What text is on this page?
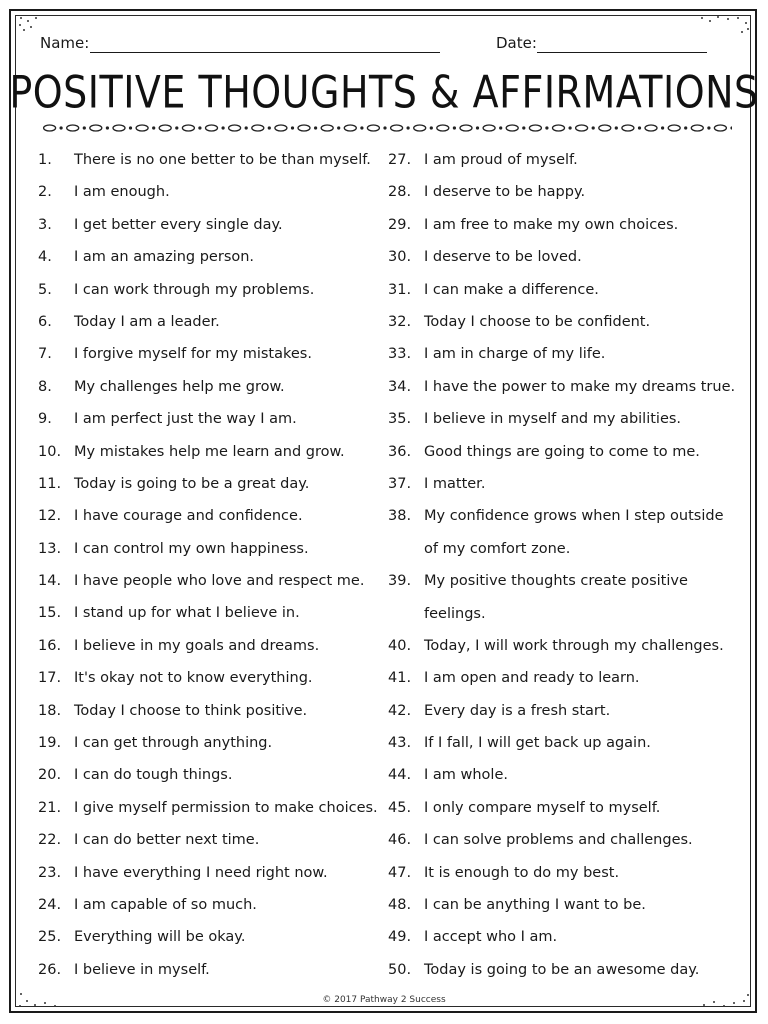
Name:	Date:
POSITIVE THOUGHTS & AFFIRMATIONS
1.	There is no one better to be than myself.
2.	I am enough.
3.	I get better every single day.
4.	I am an amazing person.
5.	I can work through my problems.
6.	Today I am a leader.
7.	I forgive myself for my mistakes.
8.	My challenges help me grow.
9.	I am perfect just the way I am.
10. My mistakes help me learn and grow.
11. Today is going to be a great day.
12. I have courage and confidence.
13. I can control my own happiness.
14. I have people who love and respect me.
15. I stand up for what I believe in.
16. I believe in my goals and dreams.
17. It's okay not to know everything.
18. Today I choose to think positive.
19. I can get through anything.
20. I can do tough things.
21. I give myself permission to make choices.
22. I can do better next time.
23. I have everything I need right now.
24. I am capable of so much.
25. Everything will be okay.
26. I believe in myself.
27. I am proud of myself.
28. I deserve to be happy.
29. I am free to make my own choices.
30. I deserve to be loved.
31. I can make a difference.
32. Today I choose to be confident.
33. I am in charge of my life.
34. I have the power to make my dreams true.
35. I believe in myself and my abilities.
36. Good things are going to come to me.
37. I matter.
38. My confidence grows when I step outside
of my comfort zone.
39. My positive thoughts create positive
feelings.
40. Today, I will work through my challenges.
41. I am open and ready to learn.
42. Every day is a fresh start.
43. If I fall, I will get back up again.
44. I am whole.
45. I only compare myself to myself.
46. I can solve problems and challenges.
47. It is enough to do my best.
48. I can be anything I want to be.
49. I accept who I am.
50. Today is going to be an awesome day.
© 2017 Pathway 2 Success
